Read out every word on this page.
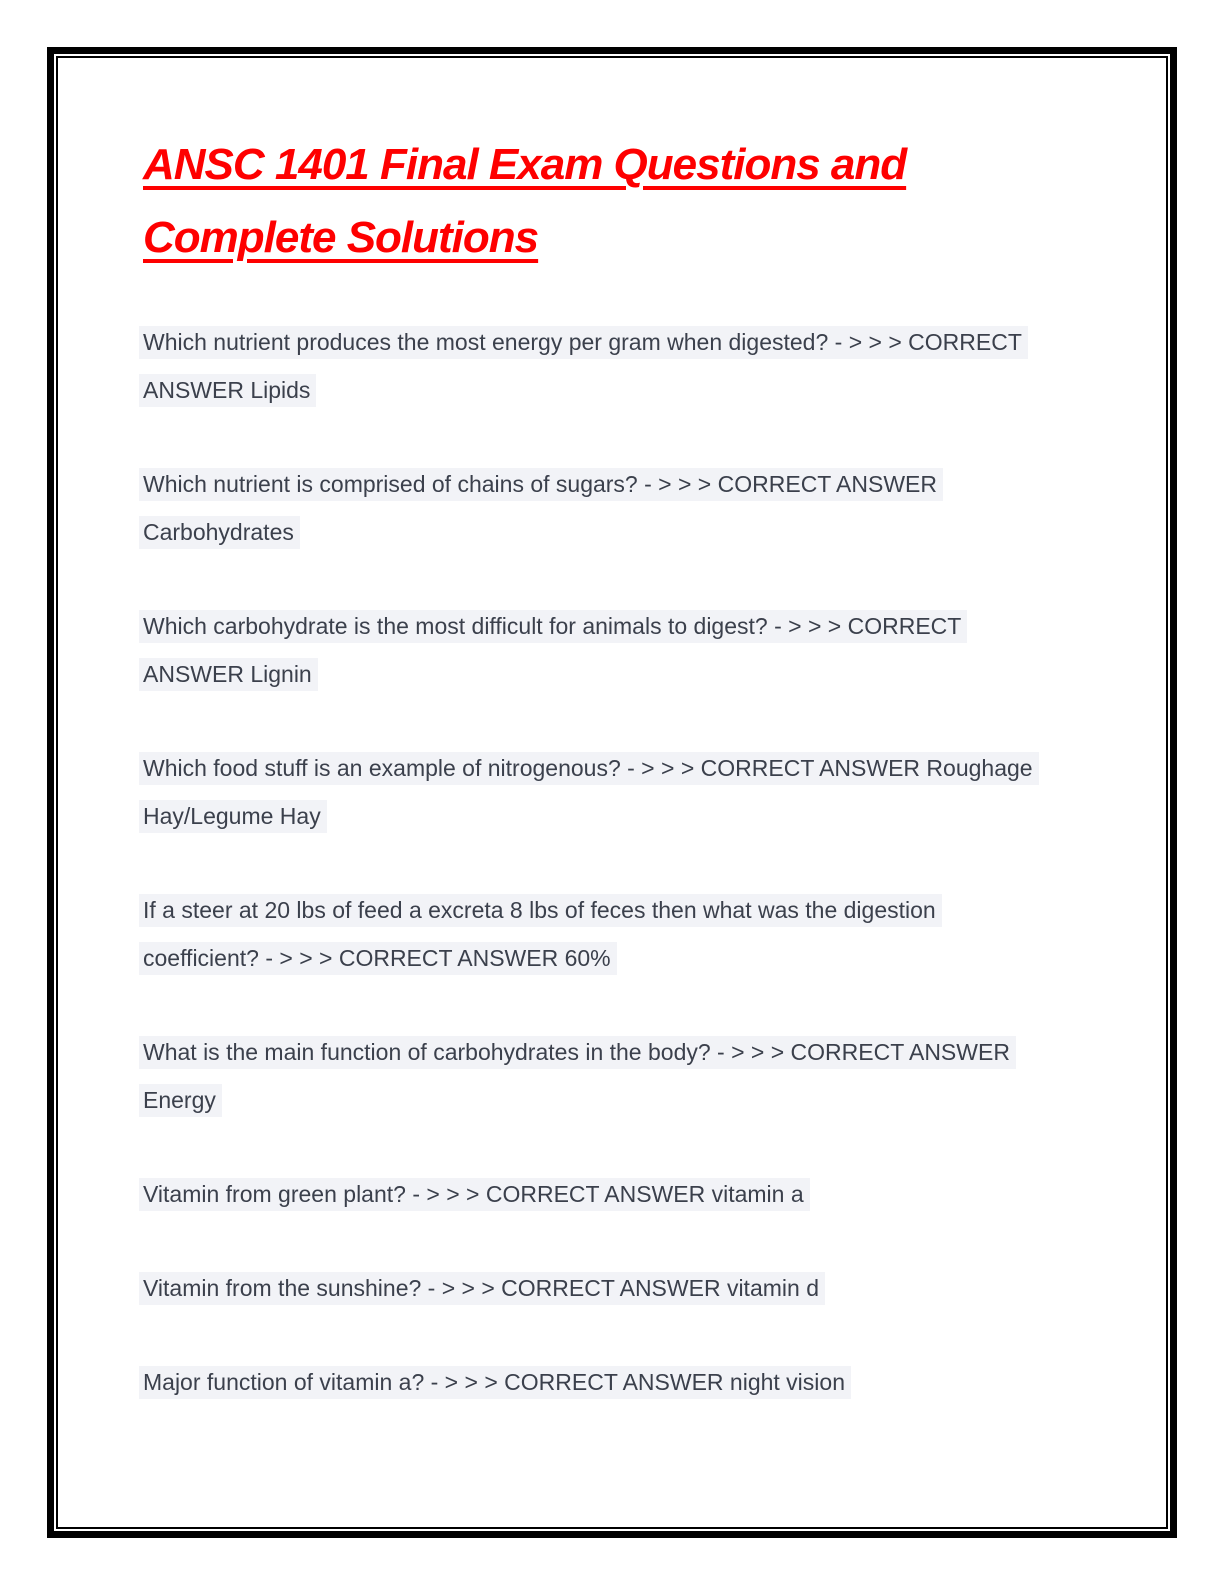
ANSC 1401 Final Exam Questions and
Complete Solutions
Which nutrient produces the most energy per gram when digested? - > > > CORRECT
ANSWER Lipids
Which nutrient is comprised of chains of sugars? - > > > CORRECT ANSWER
Carbohydrates
Which carbohydrate is the most difficult for animals to digest? - > > > CORRECT
ANSWER Lignin
Which food stuff is an example of nitrogenous? - > > > CORRECT ANSWER Roughage
Hay/Legume Hay
If a steer at 20 lbs of feed a excreta 8 lbs of feces then what was the digestion
coefficient? - > > > CORRECT ANSWER 60%
What is the main function of carbohydrates in the body? - > > > CORRECT ANSWER
Energy
Vitamin from green plant? - > > > CORRECT ANSWER vitamin a
Vitamin from the sunshine? - > > > CORRECT ANSWER vitamin d
Major function of vitamin a? - > > > CORRECT ANSWER night vision
